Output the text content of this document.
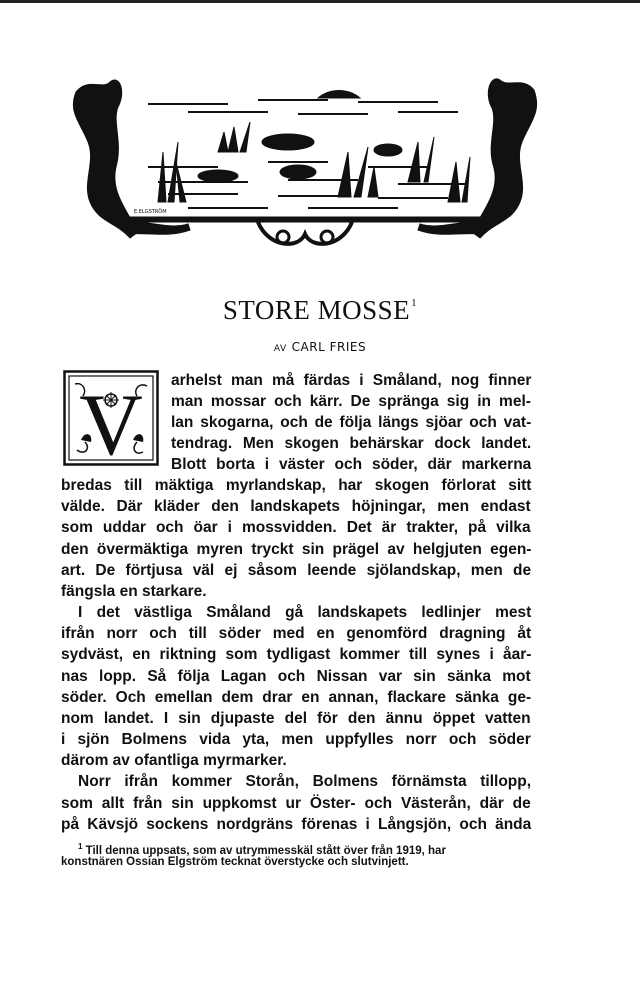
E.ELGSTRÖM
STORE MOSSE$^1$
AV CARL FRIES
V arhelst man må färdas i Småland, nog finner
man mossar och kärr. De spränga sig in mel-
lan skogarna, och de följa längs sjöar och vat-
tendrag. Men skogen behärskar dock landet.
Blott borta i väster och söder, där markerna
bredas till mäktiga myrlandskap, har skogen förlorat sitt
välde. Där kläder den landskapets höjningar, men endast
som uddar och öar i mossvidden. Det är trakter, på vilka
den övermäktiga myren tryckt sin prägel av helgjuten egen-
art. De förtjusa väl ej såsom leende sjölandskap, men de
fängsla en starkare.
I det västliga Småland gå landskapets ledlinjer mest
ifrån norr och till söder med en genomförd dragning åt
sydväst, en riktning som tydligast kommer till synes i åar-
nas lopp. Så följa Lagan och Nissan var sin sänka mot
söder. Och emellan dem drar en annan, flackare sänka ge-
nom landet. I sin djupaste del för den ännu öppet vatten
i sjön Bolmens vida yta, men uppfylles norr och söder
därom av ofantliga myrmarker.
Norr ifrån kommer Storån, Bolmens förnämsta tillopp,
som allt från sin uppkomst ur Öster- och Västerån, där de
på Kävsjö sockens nordgräns förenas i Långsjön, och ända
$^1$ Till denna uppsats, som av utrymmesskäl stått över från 1919, har
konstnären Ossian Elgström tecknat överstycke och slutvinjett.
